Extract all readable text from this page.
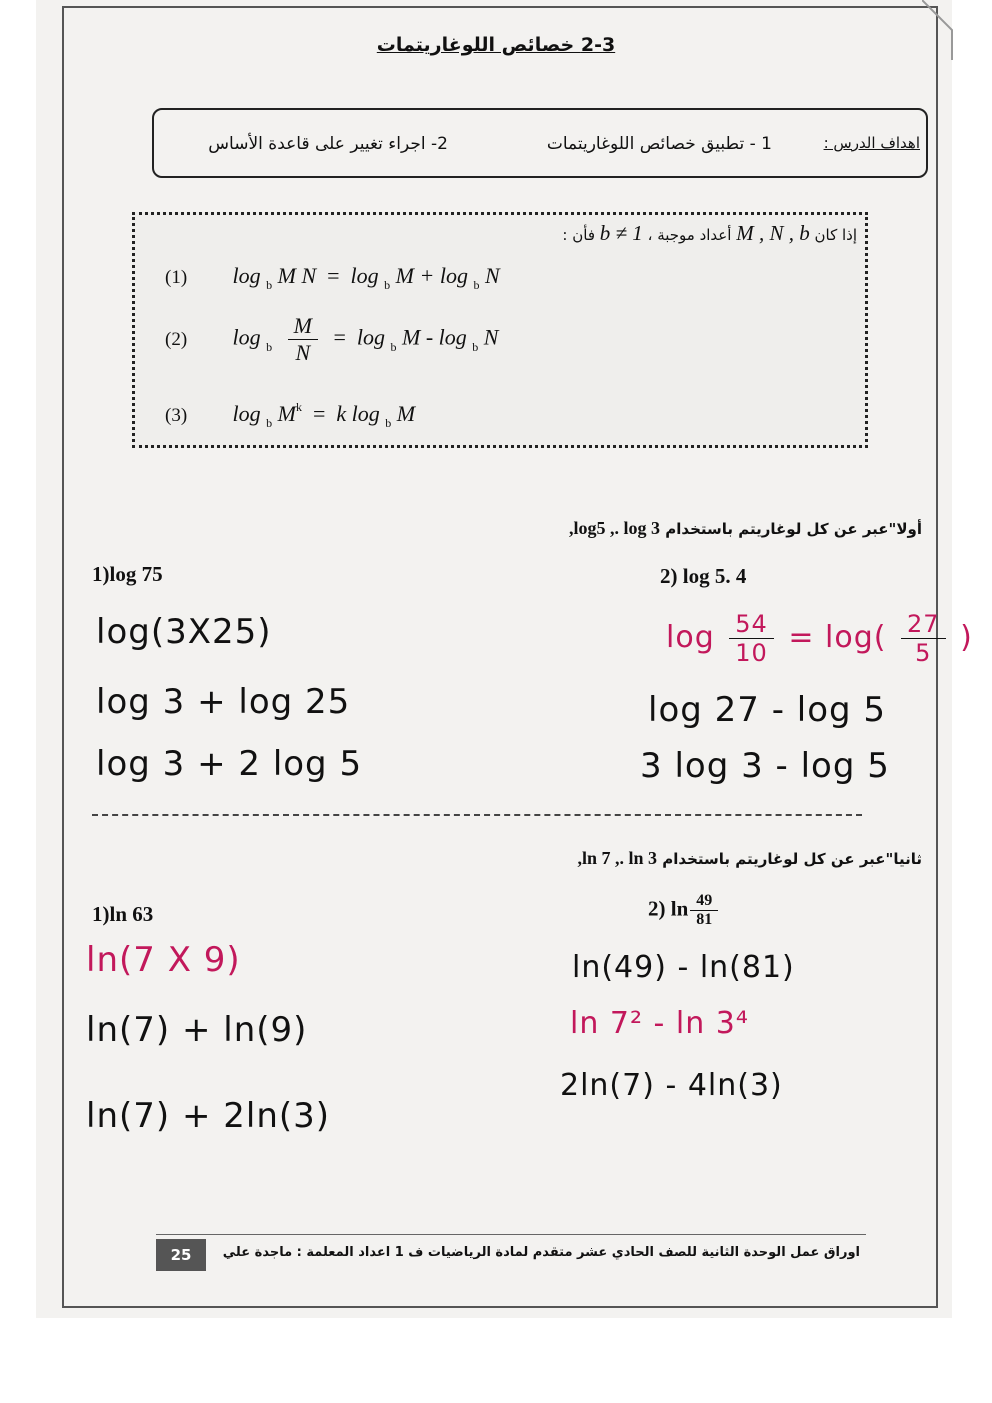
2-3 خصائص اللوغاريتمات
اهداف الدرس :
1 - تطبيق خصائص اللوغاريتمات
2- اجراء تغيير على قاعدة الأساس
إذا كان M , N , b أعداد موجبة ، b ≠ 1 فأن :
(1) log $_b$ M N  =  log $_b$ M + log $_b$ N
(2) $\log _b \frac{M}{N} = \log _b$ M - log $_b$ N
(3) log $_b$ $M^k = k$ log $_b$ M
أولا"عبر عن كل لوغاريتم باستخدام log5 ,. log 3,
1)log 75	2) log 5. 4
log(3X25)
log 3 + log 25
log 3 + 2 log 5
$\log \frac{54}{10} = \log( \frac{27}{5}$ )
log 27 - log 5
3 log 3 - log 5
ثانيا"عبر عن كل لوغاريتم باستخدام ln 7 ,. ln 3,
1)ln 63	2) $\ln \frac{49}{81}$
ln(7 X 9)
ln(7) + ln(9)
ln(7) + 2ln(3)
ln(49) - ln(81)
ln 7² - ln 3⁴
2ln(7) - 4ln(3)
25	اوراق عمل الوحدة الثانية للصف الحادي عشر متقدم لمادة الرياضيات ف 1 اعداد المعلمة : ماجدة علي
